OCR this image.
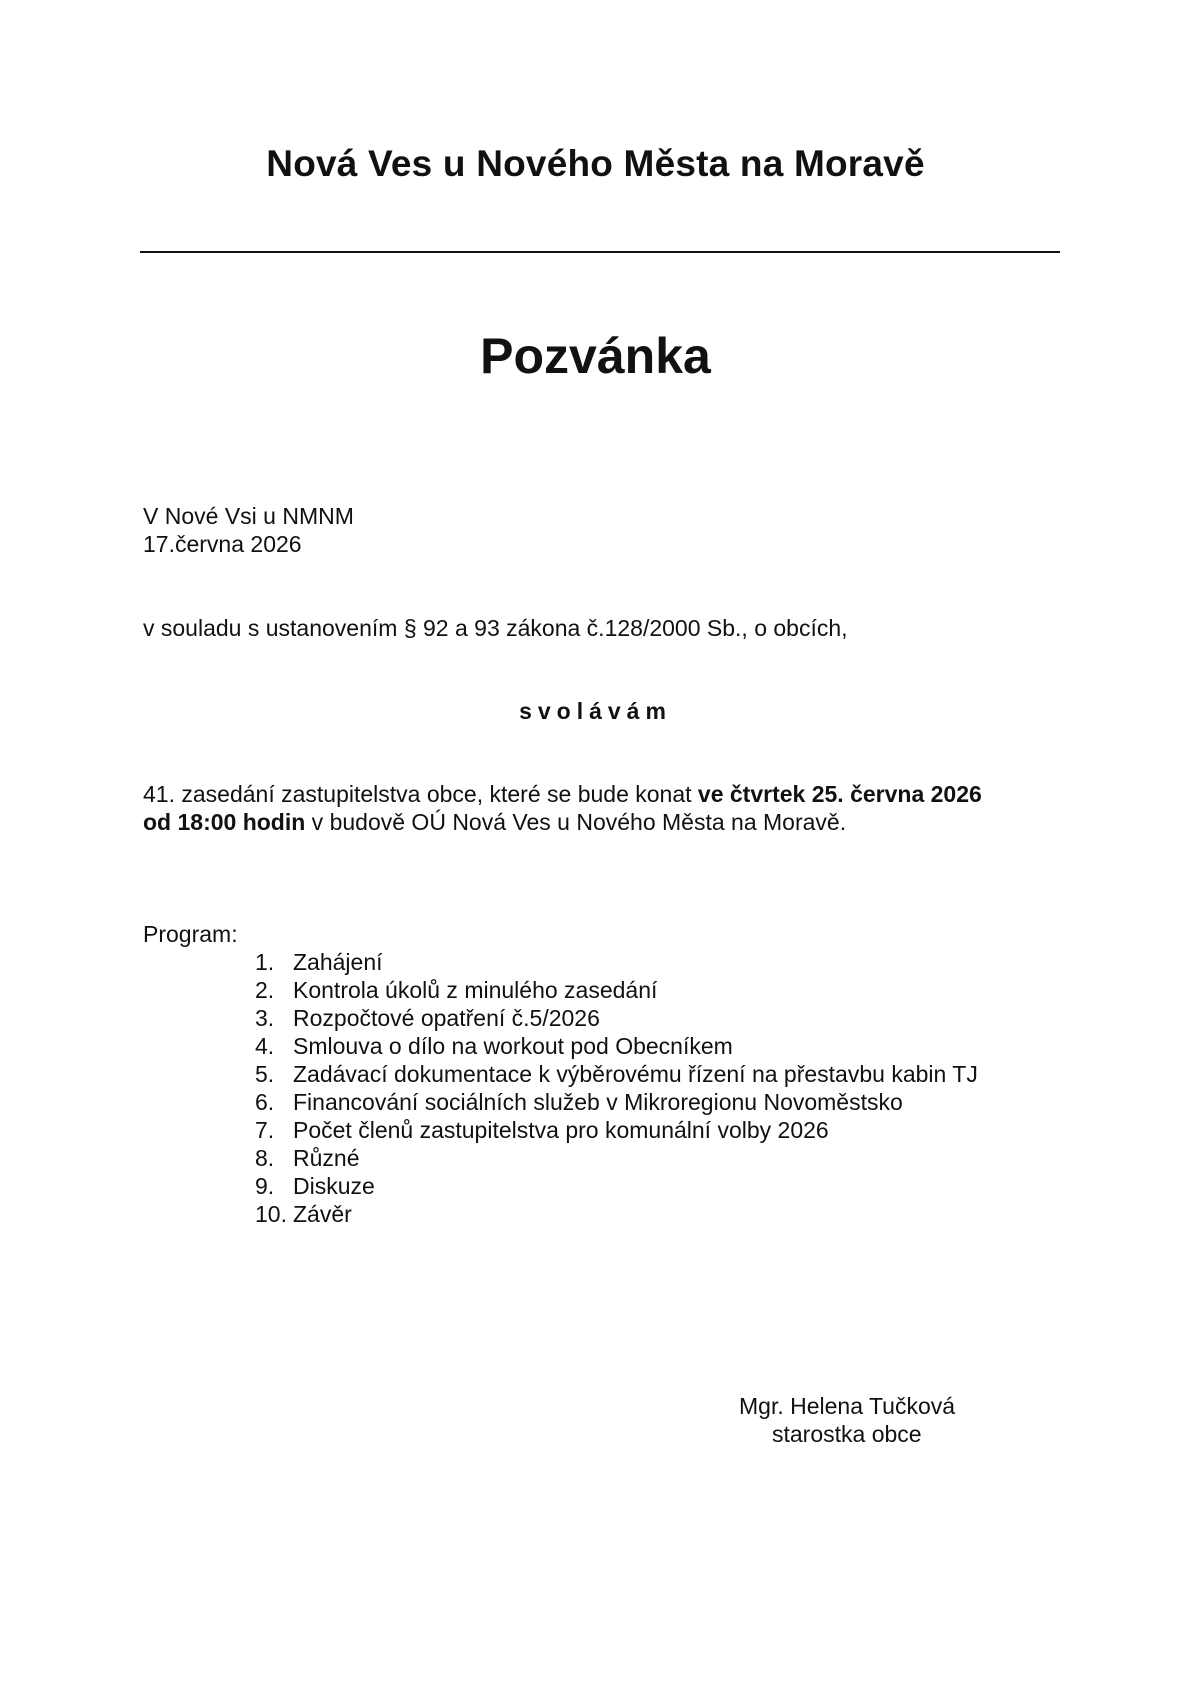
Nová Ves u Nového Města na Moravě
Pozvánka
V Nové Vsi u NMNM
17.června 2026
v souladu s ustanovením § 92 a 93 zákona č.128/2000 Sb., o obcích,
svolávám
41. zasedání zastupitelstva obce, které se bude konat ve čtvrtek 25. června 2026
od 18:00 hodin v budově OÚ Nová Ves u Nového Města na Moravě.
Program:
1. Zahájení
2. Kontrola úkolů z minulého zasedání
3. Rozpočtové opatření č.5/2026
4. Smlouva o dílo na workout pod Obecníkem
5. Zadávací dokumentace k výběrovému řízení na přestavbu kabin TJ
6. Financování sociálních služeb v Mikroregionu Novoměstsko
7. Počet členů zastupitelstva pro komunální volby 2026
8. Různé
9. Diskuze
10. Závěr
Mgr. Helena Tučková
starostka obce
